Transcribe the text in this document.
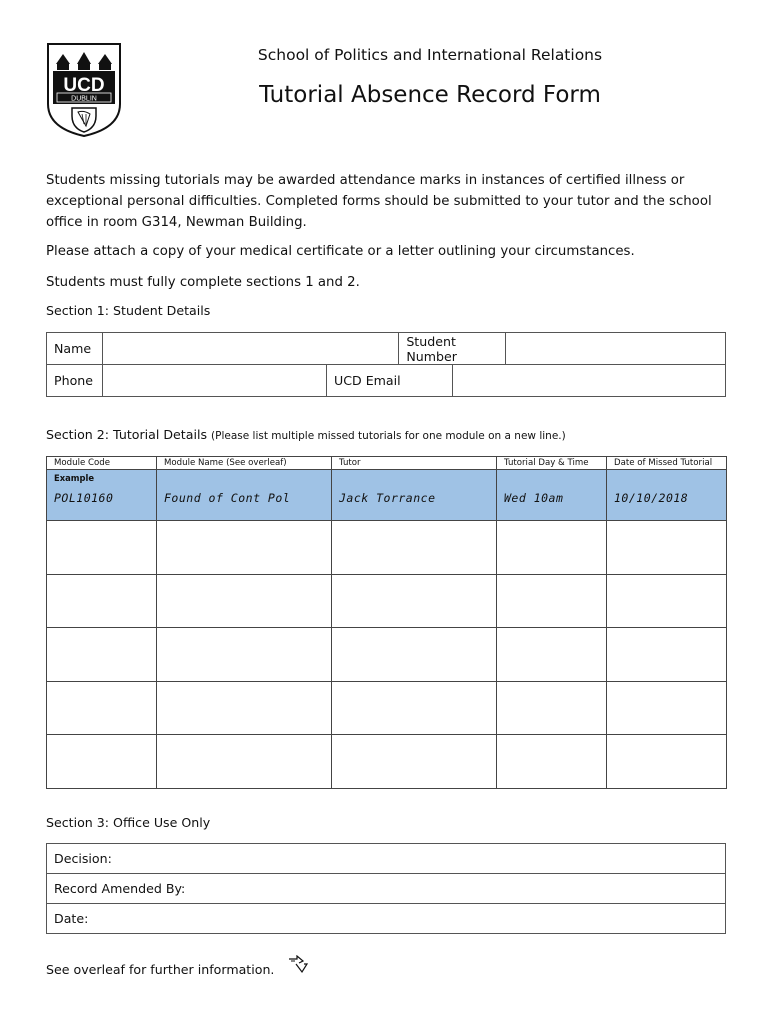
UCD
DUBLIN
School of Politics and International Relations
Tutorial Absence Record Form
Students missing tutorials may be awarded attendance marks in instances of certified illness or exceptional personal difficulties. Completed forms should be submitted to your tutor and the school office in room G314, Newman Building.
Please attach a copy of your medical certificate or a letter outlining your circumstances.
Students must fully complete sections 1 and 2.
Section 1: Student Details
Name			Student Number		
Phone		UCD Email			
Section 2: Tutorial Details (Please list multiple missed tutorials for one module on a new line.)
Module Code	Module Name (See overleaf)	Tutor	Tutorial Day & Time	Date of Missed Tutorial

Example
POL10160	Found of Cont Pol	Jack Torrance	Wed 10am	10/10/2018

Section 3: Office Use Only
Decision:
Record Amended By:
Date:
See overleaf for further information.
